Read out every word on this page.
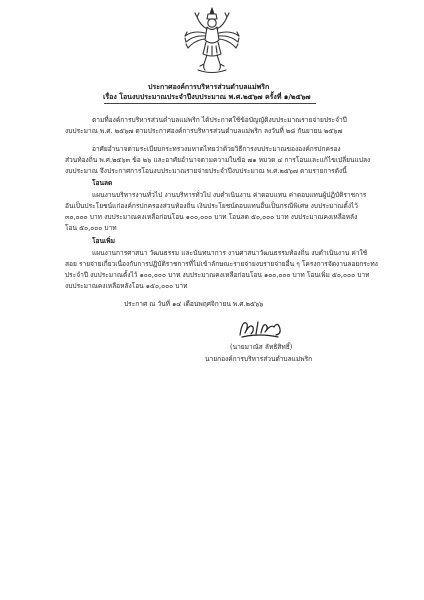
ประกาศองค์การบริหารส่วนตำบลแม่พริก
เรื่อง โอนงบประมาณประจำปีงบประมาณ พ.ศ.๒๕๖๗ ครั้งที่ ๑/๒๕๖๗
ตามที่องค์การบริหารส่วนตำบลแม่พริก ได้ประกาศใช้ข้อบัญญัติงบประมาณรายจ่ายประจำปี
งบประมาณ พ.ศ. ๒๕๖๗ ตามประกาศองค์การบริหารส่วนตำบลแม่พริก ลงวันที่ ๒๘ กันยายน ๒๕๖๗
อาศัยอำนาจตามระเบียบกระทรวงมหาดไทยว่าด้วยวิธีการงบประมาณขององค์กรปกครอง
ส่วนท้องถิ่น พ.ศ.๒๕๖๓ ข้อ ๒๖ และอาศัยอำนาจตามความในข้อ ๗๑ หมวด ๔ การโอนและแก้ไขเปลี่ยนแปลง
งบประมาณ จึงประกาศการโอนงบประมาณรายจ่ายประจำปีงบประมาณ พ.ศ.๒๕๖๗ ตามรายการดังนี้
โอนลด
แผนงานบริหารงานทั่วไป งานบริหารทั่วไป งบดำเนินงาน ค่าตอบแทน ค่าตอบแทนผู้ปฏิบัติราชการ
อันเป็นประโยชน์แก่องค์กรปกครองส่วนท้องถิ่น เงินประโยชน์ตอบแทนอื่นเป็นกรณีพิเศษ งบประมาณตั้งไว้
๓๐,๐๐๐ บาท งบประมาณคงเหลือก่อนโอน ๑๐๐,๐๐๐ บาท โอนลด ๕๐,๐๐๐ บาท งบประมาณคงเหลือหลัง
โอน ๕๐,๐๐๐ บาท
โอนเพิ่ม
แผนงานการศาสนา วัฒนธรรม และนันทนาการ งานศาสนาวัฒนธรรมท้องถิ่น งบดำเนินงาน ค่าใช้
สอย รายจ่ายเกี่ยวเนื่องกับการปฏิบัติราชการที่ไม่เข้าลักษณะรายจ่ายงบรายจ่ายอื่น ๆ โครงการจัดงานลอยกระทง
ประจำปี งบประมาณตั้งไว้ ๑๐๐,๐๐๐ บาท งบประมาณคงเหลือก่อนโอน ๑๐๐,๐๐๐ บาท โอนเพิ่ม ๕๐,๐๐๐ บาท
งบประมาณคงเหลือหลังโอน ๑๕๐,๐๐๐ บาท
ประกาศ ณ วันที่ ๑๔ เดือนพฤศจิกายน พ.ศ.๒๕๖๖
(นายมาณัส ลัทธิสิทธิ์)
นายกองค์การบริหารส่วนตำบลแม่พริก
